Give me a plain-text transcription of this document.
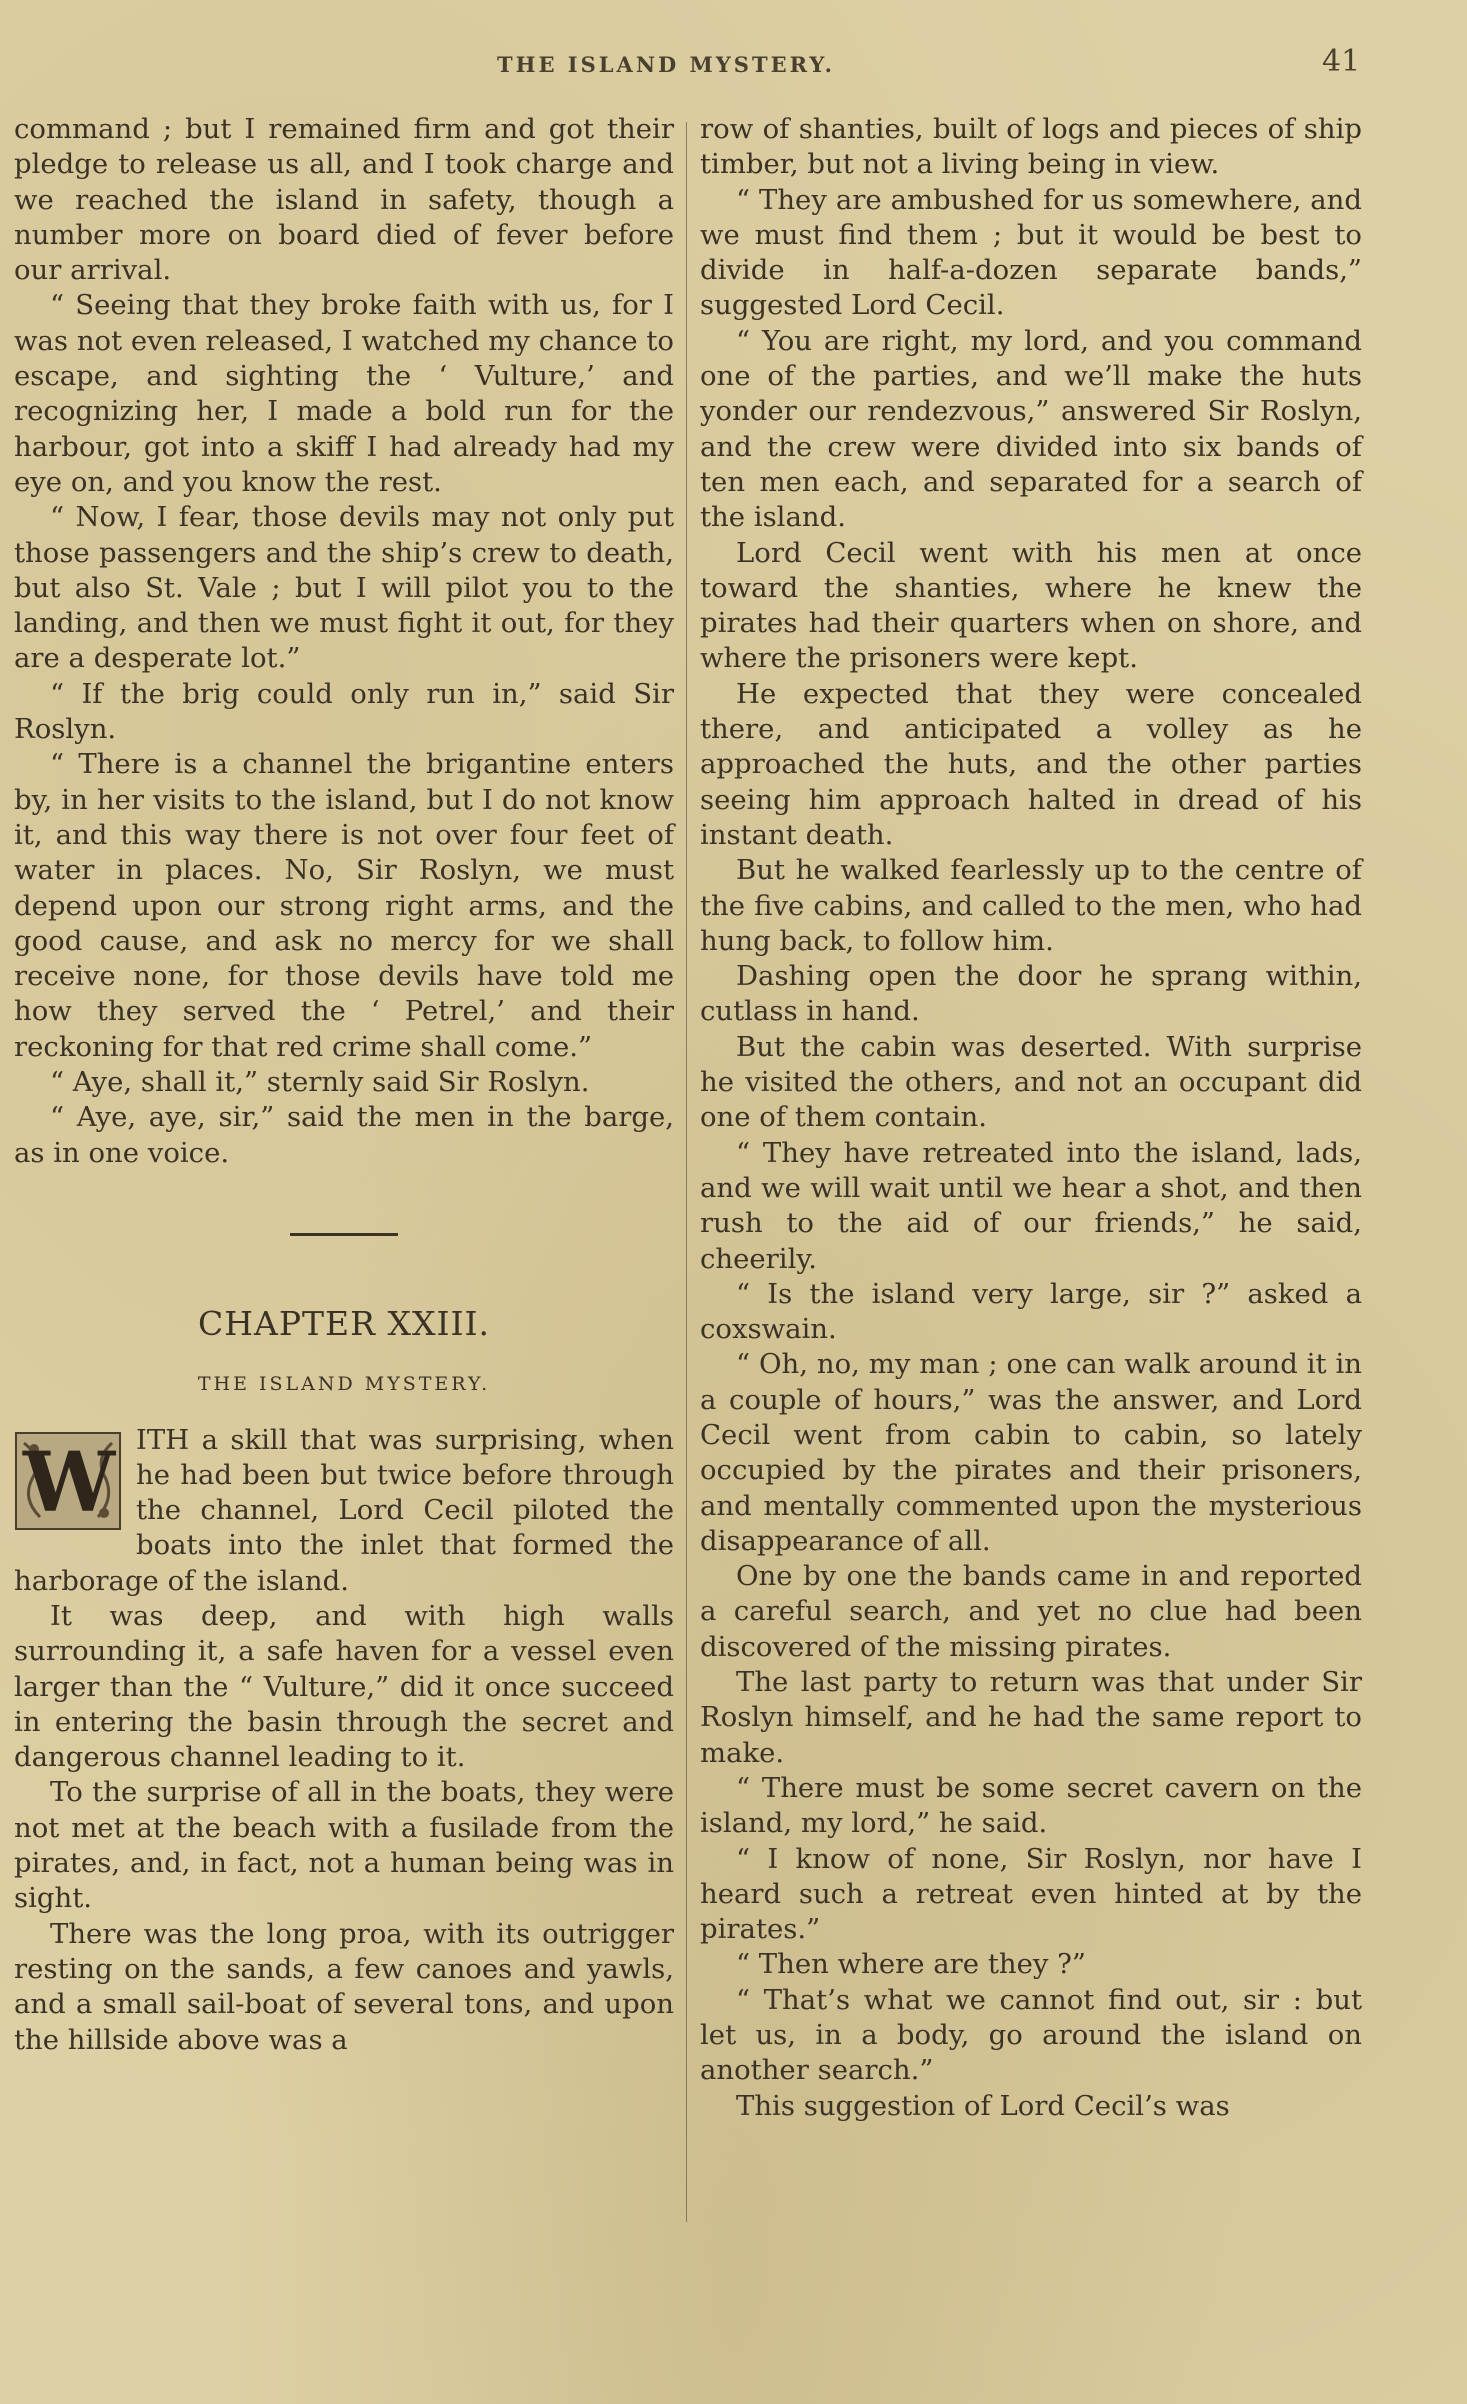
THE ISLAND MYSTERY.	41

command ; but I remained firm and got their pledge to release us all, and I took charge and we reached the island in safety, though a number more on board died of fever before our arrival.

“ Seeing that they broke faith with us, for I was not even released, I watched my chance to escape, and sighting the ‘ Vulture,’ and recognizing her, I made a bold run for the harbour, got into a skiff I had already had my eye on, and you know the rest.

“ Now, I fear, those devils may not only put those passengers and the ship’s crew to death, but also St. Vale ; but I will pilot you to the landing, and then we must fight it out, for they are a desperate lot.”

“ If the brig could only run in,” said Sir Roslyn.

“ There is a channel the brigantine enters by, in her visits to the island, but I do not know it, and this way there is not over four feet of water in places. No, Sir Roslyn, we must depend upon our strong right arms, and the good cause, and ask no mercy for we shall receive none, for those devils have told me how they served the ‘ Petrel,’ and their reckoning for that red crime shall come.”

“ Aye, shall it,” sternly said Sir Roslyn.

“ Aye, aye, sir,” said the men in the barge, as in one voice.

CHAPTER XXIII.
THE ISLAND MYSTERY.

W ITH a skill that was surprising, when he had been but twice before through the channel, Lord Cecil piloted the boats into the inlet that formed the harborage of the island.

It was deep, and with high walls surrounding it, a safe haven for a vessel even larger than the “ Vulture,” did it once succeed in entering the basin through the secret and dangerous channel leading to it.

To the surprise of all in the boats, they were not met at the beach with a fusilade from the pirates, and, in fact, not a human being was in sight.

There was the long proa, with its outrigger resting on the sands, a few canoes and yawls, and a small sail-boat of several tons, and upon the hillside above was a

row of shanties, built of logs and pieces of ship timber, but not a living being in view.

“ They are ambushed for us somewhere, and we must find them ; but it would be best to divide in half-a-dozen separate bands,” suggested Lord Cecil.

“ You are right, my lord, and you command one of the parties, and we’ll make the huts yonder our rendezvous,” answered Sir Roslyn, and the crew were divided into six bands of ten men each, and separated for a search of the island.

Lord Cecil went with his men at once toward the shanties, where he knew the pirates had their quarters when on shore, and where the prisoners were kept.

He expected that they were concealed there, and anticipated a volley as he approached the huts, and the other parties seeing him approach halted in dread of his instant death.

But he walked fearlessly up to the centre of the five cabins, and called to the men, who had hung back, to follow him.

Dashing open the door he sprang within, cutlass in hand.

But the cabin was deserted. With surprise he visited the others, and not an occupant did one of them contain.

“ They have retreated into the island, lads, and we will wait until we hear a shot, and then rush to the aid of our friends,” he said, cheerily.

“ Is the island very large, sir ?” asked a coxswain.

“ Oh, no, my man ; one can walk around it in a couple of hours,” was the answer, and Lord Cecil went from cabin to cabin, so lately occupied by the pirates and their prisoners, and mentally commented upon the mysterious disappearance of all.

One by one the bands came in and reported a careful search, and yet no clue had been discovered of the missing pirates.

The last party to return was that under Sir Roslyn himself, and he had the same report to make.

“ There must be some secret cavern on the island, my lord,” he said.

“ I know of none, Sir Roslyn, nor have I heard such a retreat even hinted at by the pirates.”

“ Then where are they ?”

“ That’s what we cannot find out, sir : but let us, in a body, go around the island on another search.”

This suggestion of Lord Cecil’s was
